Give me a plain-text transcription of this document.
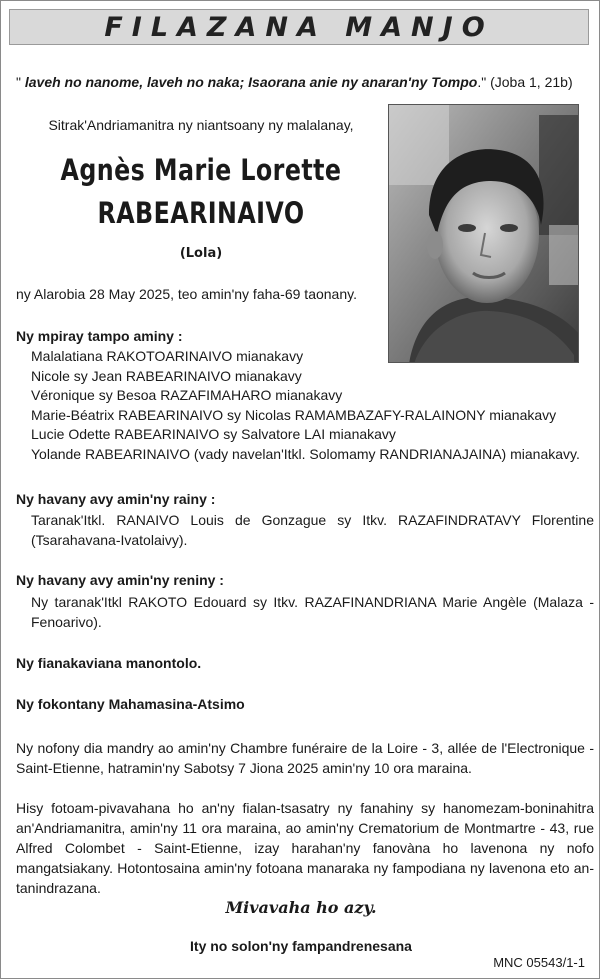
FILAZANA MANJO
" laveh no nanome, laveh no naka; Isaorana anie ny anaran'ny Tompo." (Joba 1, 21b)
Sitrak'Andriamanitra ny niantsoany ny malalanay,
Agnès Marie Lorette
RABEARINAIVO
(Lola)
ny Alarobia 28 May 2025, teo amin'ny faha-69 taonany.
Ny mpiray tampo aminy :
Malalatiana RAKOTOARINAIVO mianakavy
Nicole sy Jean RABEARINAIVO mianakavy
Véronique sy Besoa RAZAFIMAHARO mianakavy
Marie-Béatrix RABEARINAIVO sy Nicolas RAMAMBAZAFY-RALAINONY mianakavy
Lucie Odette RABEARINAIVO sy Salvatore LAI mianakavy
Yolande RABEARINAIVO (vady navelan'Itkl. Solomamy RANDRIANAJAINA) mianakavy.
Ny havany avy amin'ny rainy :
Taranak'Itkl. RANAIVO Louis de Gonzague sy Itkv. RAZAFINDRATAVY Florentine (Tsarahavana-Ivatolaivy).
Ny havany avy amin'ny reniny :
Ny taranak'Itkl RAKOTO Edouard sy Itkv. RAZAFINANDRIANA Marie Angèle (Malaza - Fenoarivo).
Ny fianakaviana manontolo.
Ny fokontany Mahamasina-Atsimo
Ny nofony dia mandry ao amin'ny Chambre funéraire de la Loire - 3, allée de l'Electronique - Saint-Etienne, hatramin'ny Sabotsy 7 Jiona 2025 amin'ny 10 ora maraina.
Hisy fotoam-pivavahana ho an'ny fialan-tsasatry ny fanahiny sy hanomezam-boninahitra an'Andriamanitra, amin'ny 11 ora maraina, ao amin'ny Crematorium de Montmartre - 43, rue Alfred Colombet - Saint-Etienne, izay harahan'ny fanovàna ho lavenona ny nofo mangatsiakany. Hotontosaina amin'ny fotoana manaraka ny fampodiana ny lavenona eto an-tanindrazana.
Mivavaha ho azy.
Ity no solon'ny fampandrenesana
MNC 05543/1-1
